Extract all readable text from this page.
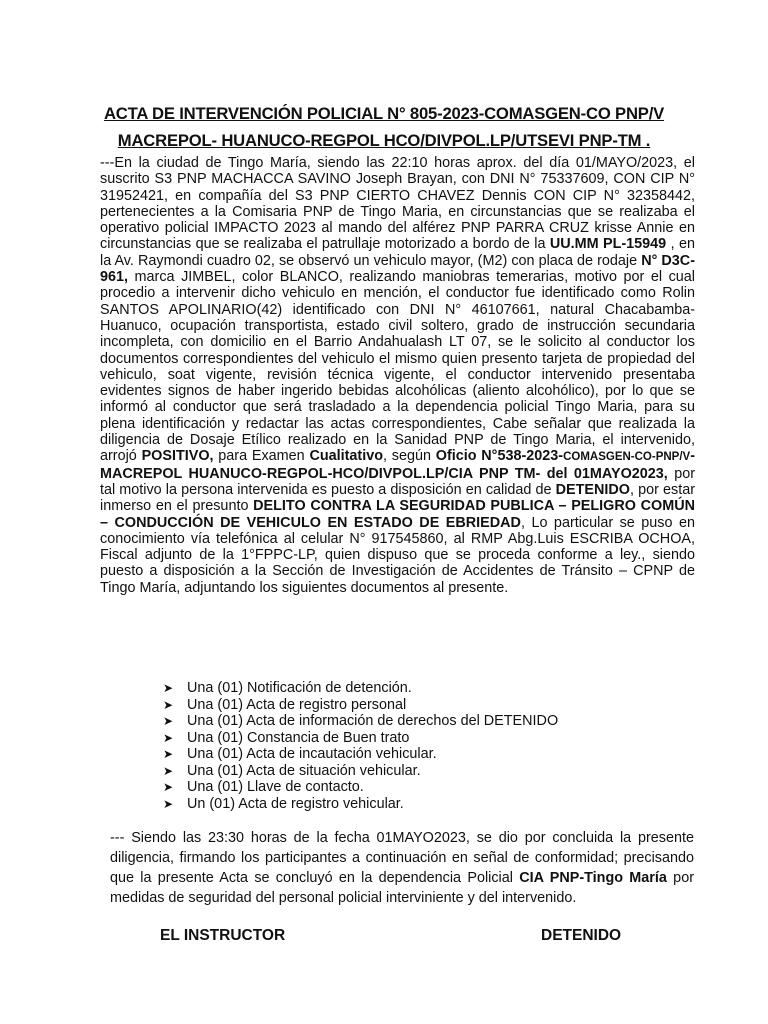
ACTA DE INTERVENCIÓN POLICIAL N° 805-2023-COMASGEN-CO PNP/V
MACREPOL- HUANUCO-REGPOL HCO/DIVPOL.LP/UTSEVI PNP-TM .
---En la ciudad de Tingo María, siendo las 22:10 horas aprox. del día 01/MAYO/2023, el suscrito S3 PNP MACHACCA SAVINO Joseph Brayan, con DNI N° 75337609, CON CIP N° 31952421, en compañía del S3 PNP CIERTO CHAVEZ Dennis CON CIP N° 32358442, pertenecientes a la Comisaria PNP de Tingo Maria, en circunstancias que se realizaba el operativo policial IMPACTO 2023 al mando del alférez PNP PARRA CRUZ krisse Annie en circunstancias que se realizaba el patrullaje motorizado a bordo de la UU.MM PL-15949 , en la Av. Raymondi cuadro 02, se observó un vehiculo mayor, (M2) con placa de rodaje N° D3C-961, marca JIMBEL, color BLANCO, realizando maniobras temerarias, motivo por el cual procedio a intervenir dicho vehiculo en mención, el conductor fue identificado como Rolin SANTOS APOLINARIO(42) identificado con DNI N° 46107661, natural Chacabamba-Huanuco, ocupación transportista, estado civil soltero, grado de instrucción secundaria incompleta, con domicilio en el Barrio Andahualash LT 07, se le solicito al conductor los documentos correspondientes del vehiculo el mismo quien presento tarjeta de propiedad del vehiculo, soat vigente, revisión técnica vigente, el conductor intervenido presentaba evidentes signos de haber ingerido bebidas alcohólicas (aliento alcohólico), por lo que se informó al conductor que será trasladado a la dependencia policial Tingo Maria, para su plena identificación y redactar las actas correspondientes, Cabe señalar que realizada la diligencia de Dosaje Etílico realizado en la Sanidad PNP de Tingo Maria, el intervenido, arrojó POSITIVO, para Examen Cualitativo, según Oficio N°538-2023-COMASGEN-CO-PNP/V-MACREPOL HUANUCO-REGPOL-HCO/DIVPOL.LP/CIA PNP TM- del 01MAYO2023, por tal motivo la persona intervenida es puesto a disposición en calidad de DETENIDO, por estar inmerso en el presunto DELITO CONTRA LA SEGURIDAD PUBLICA – PELIGRO COMÚN – CONDUCCIÓN DE VEHICULO EN ESTADO DE EBRIEDAD, Lo particular se puso en conocimiento vía telefónica al celular N° 917545860, al RMP Abg.Luis ESCRIBA OCHOA, Fiscal adjunto de la 1°FPPC-LP, quien dispuso que se proceda conforme a ley., siendo puesto a disposición a la Sección de Investigación de Accidentes de Tránsito – CPNP de Tingo María, adjuntando los siguientes documentos al presente.
➤ Una (01) Notificación de detención.
➤ Una (01) Acta de registro personal
➤ Una (01) Acta de información de derechos del DETENIDO
➤ Una (01) Constancia de Buen trato
➤ Una (01) Acta de incautación vehicular.
➤ Una (01) Acta de situación vehicular.
➤ Una (01) Llave de contacto.
➤ Un (01) Acta de registro vehicular.
--- Siendo las 23:30 horas de la fecha 01MAYO2023, se dio por concluida la presente diligencia, firmando los participantes a continuación en señal de conformidad; precisando que la presente Acta se concluyó en la dependencia Policial CIA PNP-Tingo María por medidas de seguridad del personal policial interviniente y del intervenido.
EL INSTRUCTOR	DETENIDO
